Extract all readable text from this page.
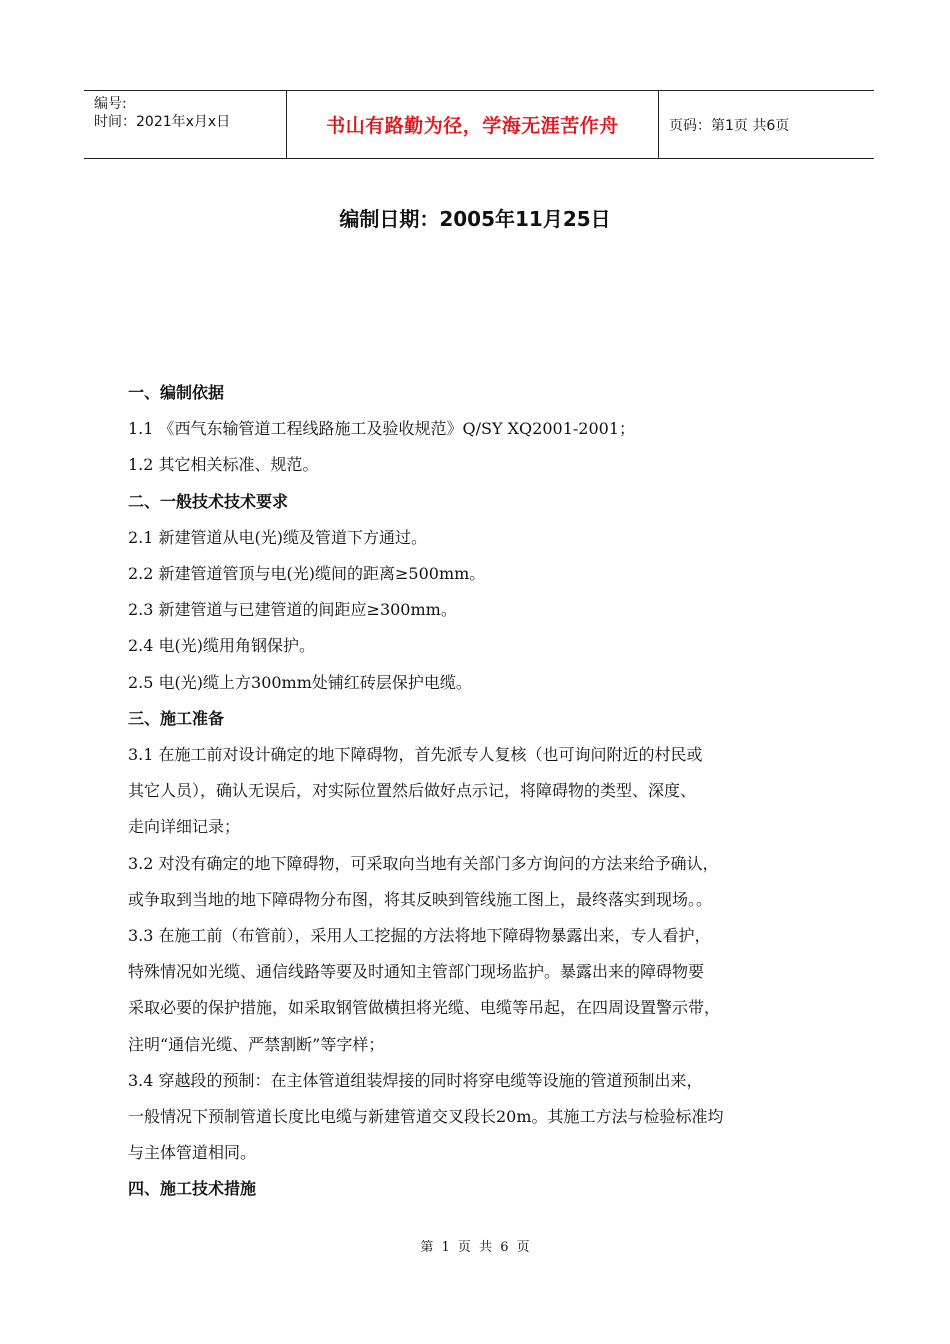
编号:
时间：2021年x月x日	书山有路勤为径，学海无涯苦作舟	页码：第1页 共6页
编制日期：2005年11月25日
一、编制依据
1.1 《西气东输管道工程线路施工及验收规范》Q/SY XQ2001-2001；
1.2 其它相关标准、规范。
二、一般技术技术要求
2.1 新建管道从电(光)缆及管道下方通过。
2.2 新建管道管顶与电(光)缆间的距离≥500mm。
2.3 新建管道与已建管道的间距应≥300mm。
2.4 电(光)缆用角钢保护。
2.5 电(光)缆上方300mm处铺红砖层保护电缆。
三、施工准备
3.1 在施工前对设计确定的地下障碍物，首先派专人复核（也可询问附近的村民或
其它人员），确认无误后，对实际位置然后做好点示记，将障碍物的类型、深度、
走向详细记录；
3.2 对没有确定的地下障碍物，可采取向当地有关部门多方询问的方法来给予确认，
或争取到当地的地下障碍物分布图，将其反映到管线施工图上，最终落实到现场。。
3.3 在施工前（布管前），采用人工挖掘的方法将地下障碍物暴露出来，专人看护，
特殊情况如光缆、通信线路等要及时通知主管部门现场监护。暴露出来的障碍物要
采取必要的保护措施，如采取钢管做横担将光缆、电缆等吊起，在四周设置警示带，
注明“通信光缆、严禁割断”等字样；
3.4 穿越段的预制：在主体管道组装焊接的同时将穿电缆等设施的管道预制出来，
一般情况下预制管道长度比电缆与新建管道交叉段长20m。其施工方法与检验标准均
与主体管道相同。
四、施工技术措施
第 1 页 共 6 页
